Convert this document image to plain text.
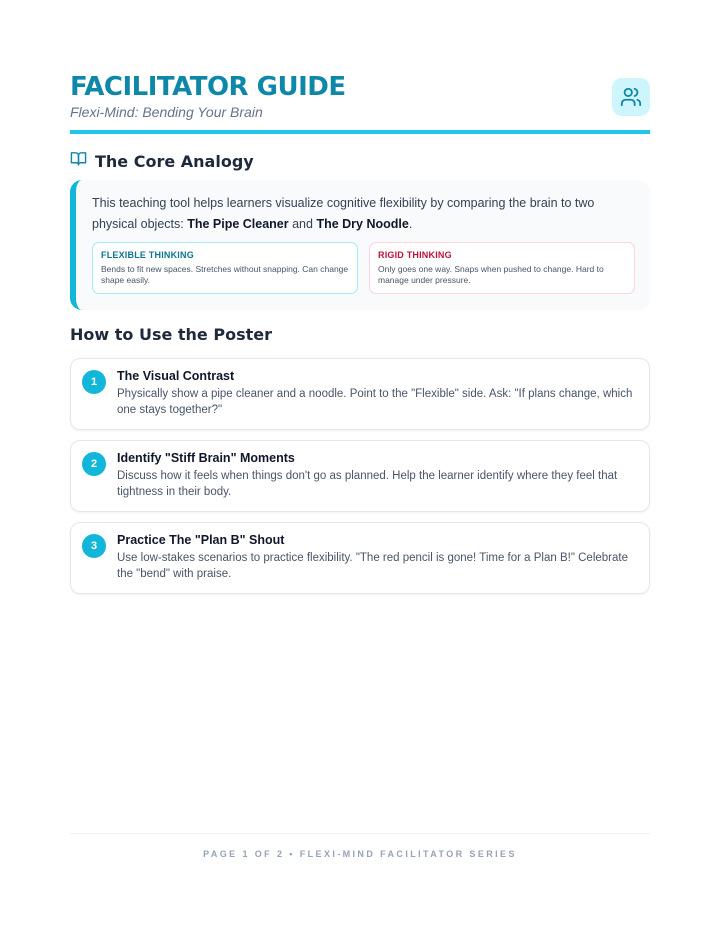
FACILITATOR GUIDE
Flexi-Mind: Bending Your Brain
The Core Analogy
This teaching tool helps learners visualize cognitive flexibility by comparing the brain to two physical objects: The Pipe Cleaner and The Dry Noodle.
FLEXIBLE THINKING
Bends to fit new spaces. Stretches without snapping. Can change shape easily.
RIGID THINKING
Only goes one way. Snaps when pushed to change. Hard to manage under pressure.
How to Use the Poster
1	The Visual Contrast
Physically show a pipe cleaner and a noodle. Point to the "Flexible" side. Ask: "If plans change, which one stays together?"
2	Identify "Stiff Brain" Moments
Discuss how it feels when things don't go as planned. Help the learner identify where they feel that tightness in their body.
3	Practice The "Plan B" Shout
Use low-stakes scenarios to practice flexibility. "The red pencil is gone! Time for a Plan B!" Celebrate the "bend" with praise.
PAGE 1 OF 2 • FLEXI-MIND FACILITATOR SERIES
